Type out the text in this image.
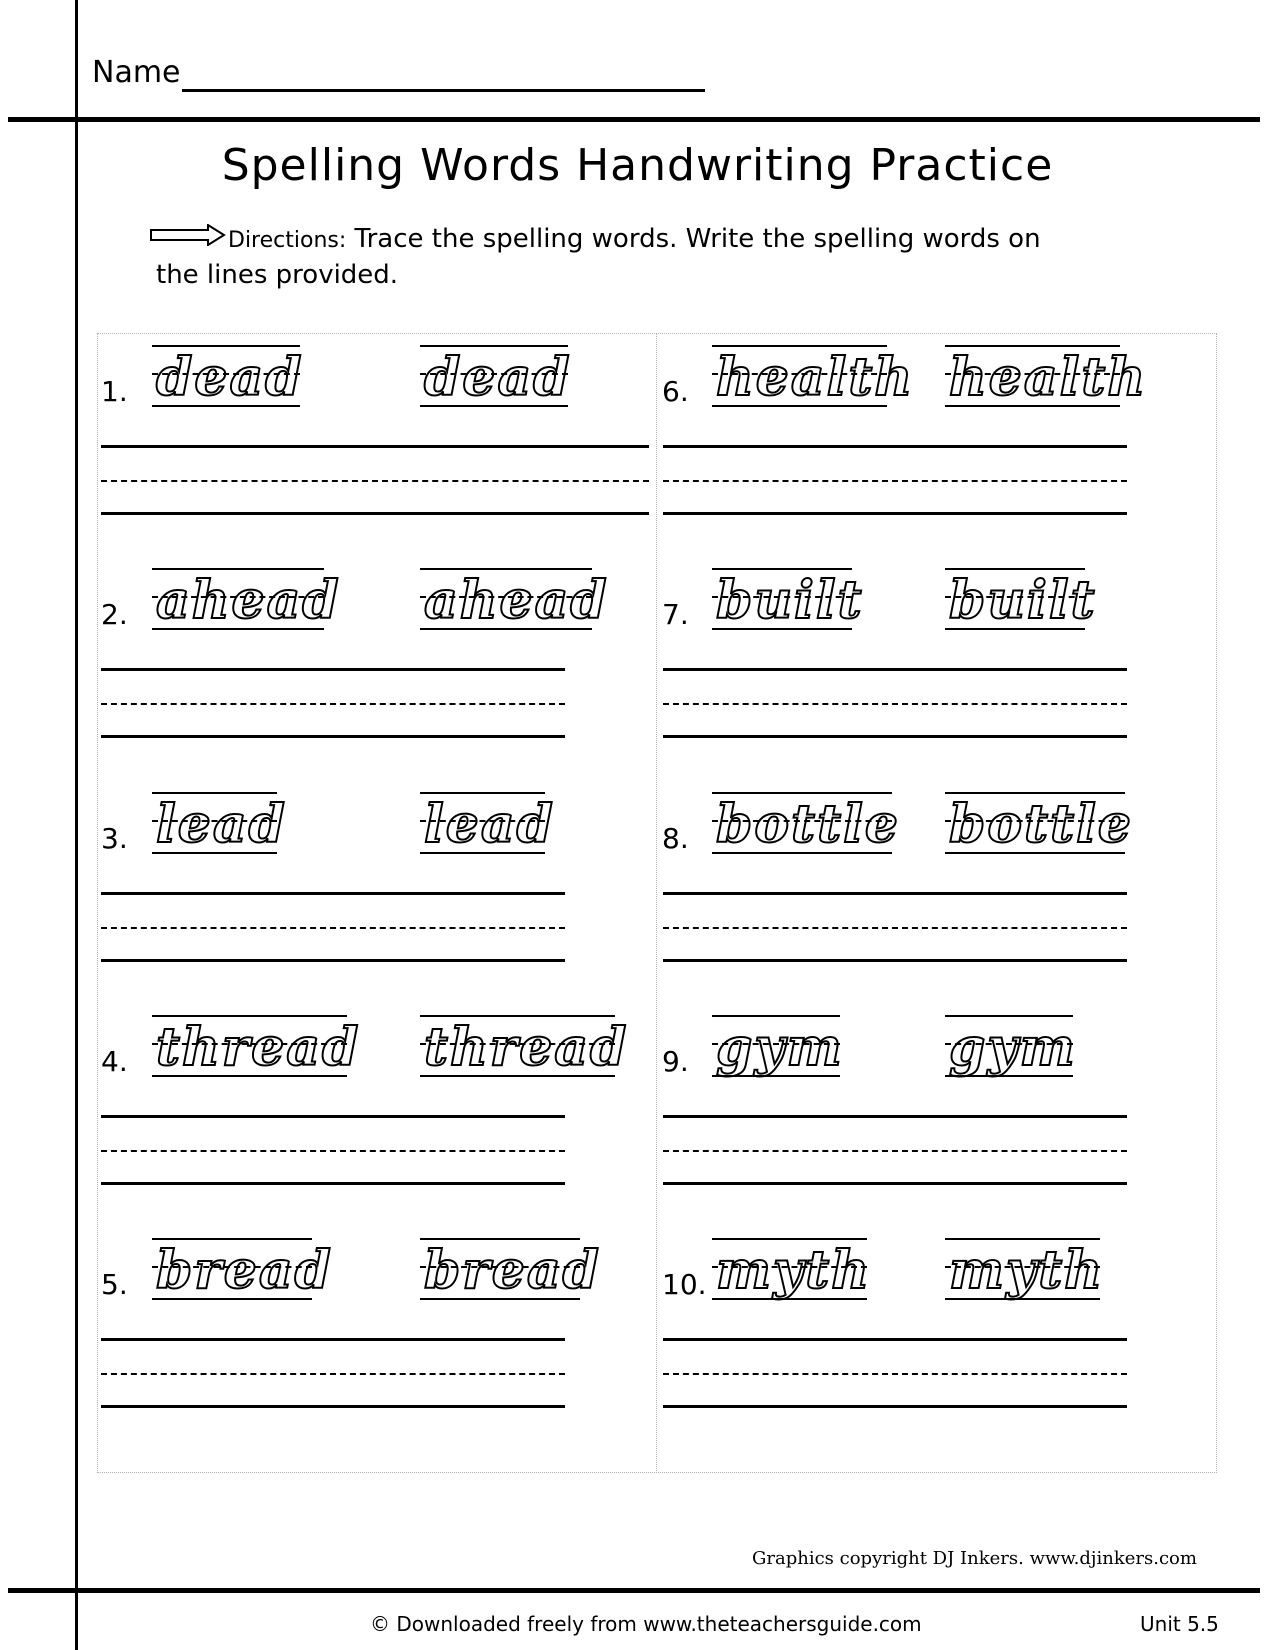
Name
Spelling Words Handwriting Practice
Directions: Trace the spelling words. Write the spelling words on
the lines provided.
1. dead dead
2. ahead ahead
3. lead	lead
4. thread thread
5. bread bread
6. health health
7. built built
8. bottle bottle
9. gym gym
10. myth myth
Graphics copyright DJ Inkers. www.djinkers.com
© Downloaded freely from www.theteachersguide.com	Unit 5.5
